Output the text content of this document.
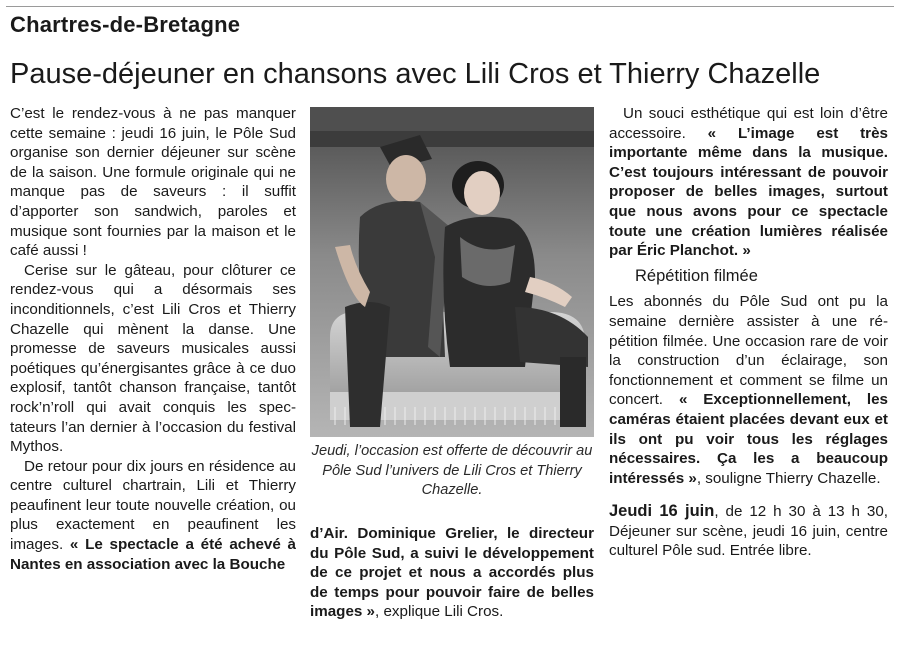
Chartres-de-Bretagne
Pause-déjeuner en chansons avec Lili Cros et Thierry Chazelle

C’est le rendez-vous à ne pas manquer cette semaine : jeudi 16 juin, le Pôle Sud organise son dernier déjeuner sur scène de la saison. Une formule originale qui ne manque pas de saveurs : il suffit d’apporter son sandwich, paroles et musique sont fournies par la maison et le café aussi !

Cerise sur le gâteau, pour clôturer ce rendez-vous qui a désormais ses inconditionnels, c’est Lili Cros et Thierry Chazelle qui mènent la danse. Une promesse de saveurs musicales aussi poétiques qu’énergisantes grâce à ce duo explosif, tantôt chanson française, tantôt rock’n’roll qui avait conquis les spectateurs l’an dernier à l’occasion du festival Mythos.

De retour pour dix jours en résidence au centre culturel chartrain, Lili et Thierry peaufinent leur toute nouvelle création, ou plus exactement en peaufinent les images. « Le spectacle a été achevé à Nantes en association avec la Bouche

Jeudi, l’occasion est offerte de découvrir au Pôle Sud l’univers de Lili Cros et Thierry Chazelle.

d’Air. Dominique Grelier, le directeur du Pôle Sud, a suivi le développement de ce projet et nous a accordés plus de temps pour pouvoir faire de belles images », explique Lili Cros.

Un souci esthétique qui est loin d’être accessoire. « L’image est très importante même dans la musique. C’est toujours intéressant de pouvoir proposer de belles images, surtout que nous avons pour ce spectacle toute une création lumières réalisée par Éric Planchot. »

Répétition filmée

Les abonnés du Pôle Sud ont pu la semaine dernière assister à une répétition filmée. Une occasion rare de voir la construction d’un éclairage, son fonctionnement et comment se filme un concert. « Exceptionnellement, les caméras étaient placées devant eux et ils ont pu voir tous les réglages nécessaires. Ça les a beaucoup intéressés », souligne Thierry Chazelle.

Jeudi 16 juin, de 12 h 30 à 13 h 30, Déjeuner sur scène, jeudi 16 juin, centre culturel Pôle sud. Entrée libre.
